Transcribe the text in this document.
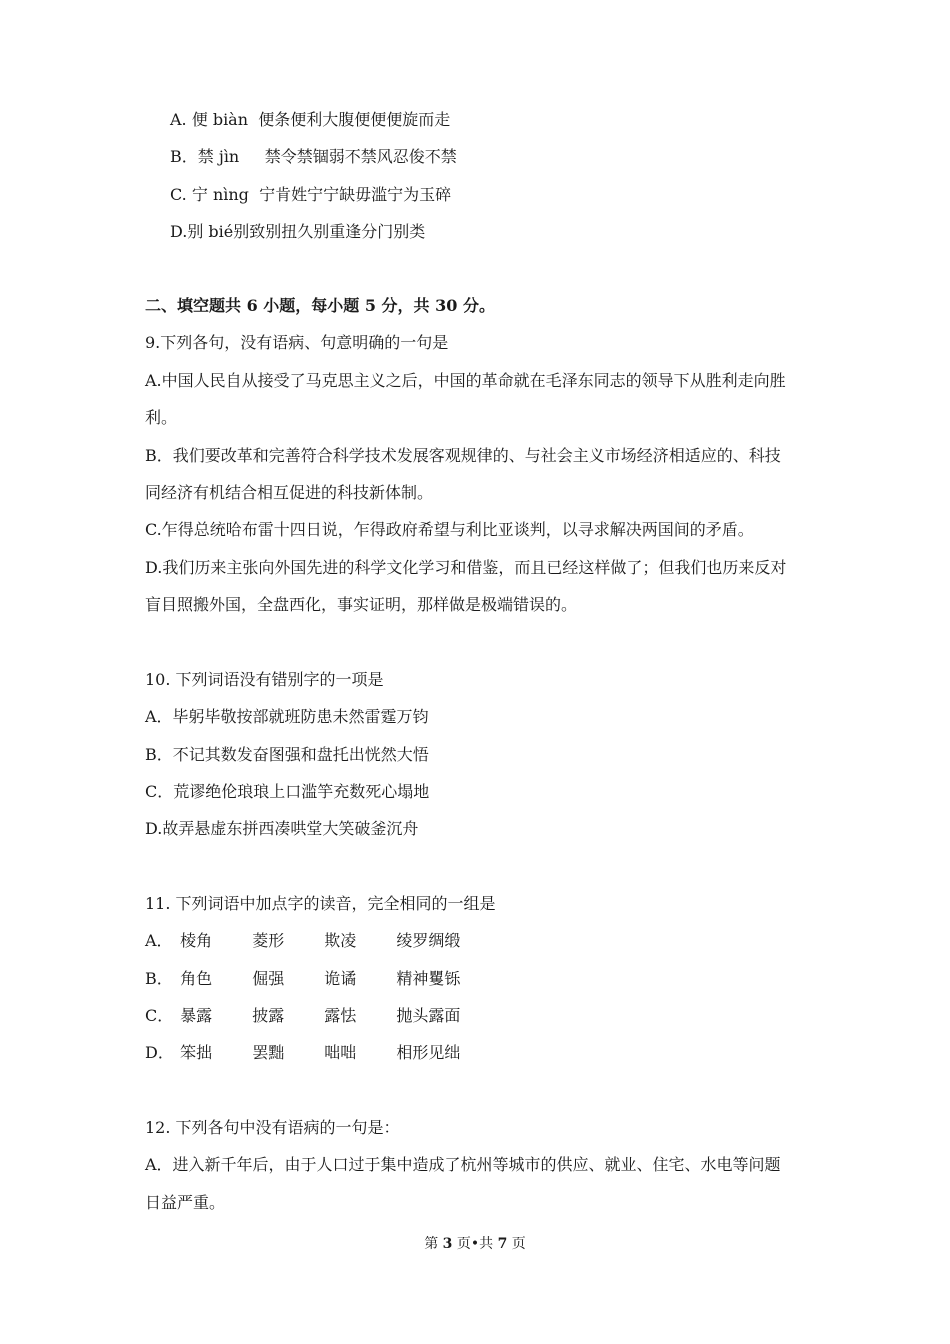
A. 便 biàn 便条便利大腹便便便旋而走
B．禁 jìn 禁令禁锢弱不禁风忍俊不禁
C. 宁 nìng 宁肯姓宁宁缺毋滥宁为玉碎
D.别 bié别致别扭久别重逢分门别类
二、填空题共 6 小题，每小题 5 分，共 30 分。
9.下列各句，没有语病、句意明确的一句是
A.中国人民自从接受了马克思主义之后，中国的革命就在毛泽东同志的领导下从胜利走向胜
利。
B．我们要改革和完善符合科学技术发展客观规律的、与社会主义市场经济相适应的、科技
同经济有机结合相互促进的科技新体制。
C.乍得总统哈布雷十四日说，乍得政府希望与利比亚谈判，以寻求解决两国间的矛盾。
D.我们历来主张向外国先进的科学文化学习和借鉴，而且已经这样做了；但我们也历来反对
盲目照搬外国，全盘西化，事实证明，那样做是极端错误的。
10. 下列词语没有错别字的一项是
A．毕躬毕敬按部就班防患未然雷霆万钧
B．不记其数发奋图强和盘托出恍然大悟
C．荒谬绝伦琅琅上口滥竽充数死心塌地
D.故弄悬虚东拼西凑哄堂大笑破釜沉舟
11. 下列词语中加点字的读音，完全相同的一组是
A． 棱角	菱形	欺凌	绫罗绸缎
B． 角色	倔强	诡谲	精神矍铄
C． 暴露	披露	露怯	抛头露面
D． 笨拙	罢黜	咄咄	相形见绌
12. 下列各句中没有语病的一句是：
A．进入新千年后，由于人口过于集中造成了杭州等城市的供应、就业、住宅、水电等问题
日益严重。
第 3 页•共 7 页
